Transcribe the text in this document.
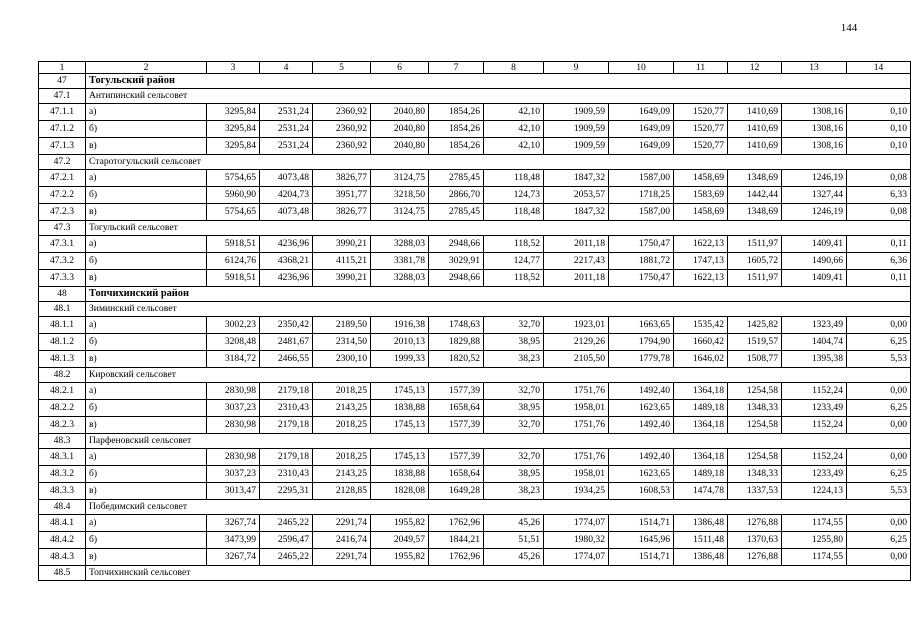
144
1	2	3	4	5	6	7	8	9	10	11	12	13	14
47	Тогульский район												
47.1	Антипинский сельсовет												
47.1.1	а)	3295,84	2531,24	2360,92	2040,80	1854,26	42,10	1909,59	1649,09	1520,77	1410,69	1308,16	0,10
47.1.2	б)	3295,84	2531,24	2360,92	2040,80	1854,26	42,10	1909,59	1649,09	1520,77	1410,69	1308,16	0,10
47.1.3	в)	3295,84	2531,24	2360,92	2040,80	1854,26	42,10	1909,59	1649,09	1520,77	1410,69	1308,16	0,10
47.2	Старотогульский сельсовет												
47.2.1	а)	5754,65	4073,48	3826,77	3124,75	2785,45	118,48	1847,32	1587,00	1458,69	1348,69	1246,19	0,08
47.2.2	б)	5960,90	4204,73	3951,77	3218,50	2866,70	124,73	2053,57	1718,25	1583,69	1442,44	1327,44	6,33
47.2.3	в)	5754,65	4073,48	3826,77	3124,75	2785,45	118,48	1847,32	1587,00	1458,69	1348,69	1246,19	0,08
47.3	Тогульский сельсовет												
47.3.1	а)	5918,51	4236,96	3990,21	3288,03	2948,66	118,52	2011,18	1750,47	1622,13	1511,97	1409,41	0,11
47.3.2	б)	6124,76	4368,21	4115,21	3381,78	3029,91	124,77	2217,43	1881,72	1747,13	1605,72	1490,66	6,36
47.3.3	в)	5918,51	4236,96	3990,21	3288,03	2948,66	118,52	2011,18	1750,47	1622,13	1511,97	1409,41	0,11
48	Топчихинский район												
48.1	Зиминский сельсовет												
48.1.1	а)	3002,23	2350,42	2189,50	1916,38	1748,63	32,70	1923,01	1663,65	1535,42	1425,82	1323,49	0,00
48.1.2	б)	3208,48	2481,67	2314,50	2010,13	1829,88	38,95	2129,26	1794,90	1660,42	1519,57	1404,74	6,25
48.1.3	в)	3184,72	2466,55	2300,10	1999,33	1820,52	38,23	2105,50	1779,78	1646,02	1508,77	1395,38	5,53
48.2	Кировский сельсовет												
48.2.1	а)	2830,98	2179,18	2018,25	1745,13	1577,39	32,70	1751,76	1492,40	1364,18	1254,58	1152,24	0,00
48.2.2	б)	3037,23	2310,43	2143,25	1838,88	1658,64	38,95	1958,01	1623,65	1489,18	1348,33	1233,49	6,25
48.2.3	в)	2830,98	2179,18	2018,25	1745,13	1577,39	32,70	1751,76	1492,40	1364,18	1254,58	1152,24	0,00
48.3	Парфеновский сельсовет												
48.3.1	а)	2830,98	2179,18	2018,25	1745,13	1577,39	32,70	1751,76	1492,40	1364,18	1254,58	1152,24	0,00
48.3.2	б)	3037,23	2310,43	2143,25	1838,88	1658,64	38,95	1958,01	1623,65	1489,18	1348,33	1233,49	6,25
48.3.3	в)	3013,47	2295,31	2128,85	1828,08	1649,28	38,23	1934,25	1608,53	1474,78	1337,53	1224,13	5,53
48.4	Победимский сельсовет												
48.4.1	а)	3267,74	2465,22	2291,74	1955,82	1762,96	45,26	1774,07	1514,71	1386,48	1276,88	1174,55	0,00
48.4.2	б)	3473,99	2596,47	2416,74	2049,57	1844,21	51,51	1980,32	1645,96	1511,48	1370,63	1255,80	6,25
48.4.3	в)	3267,74	2465,22	2291,74	1955,82	1762,96	45,26	1774,07	1514,71	1386,48	1276,88	1174,55	0,00
48.5	Топчихинский сельсовет												
